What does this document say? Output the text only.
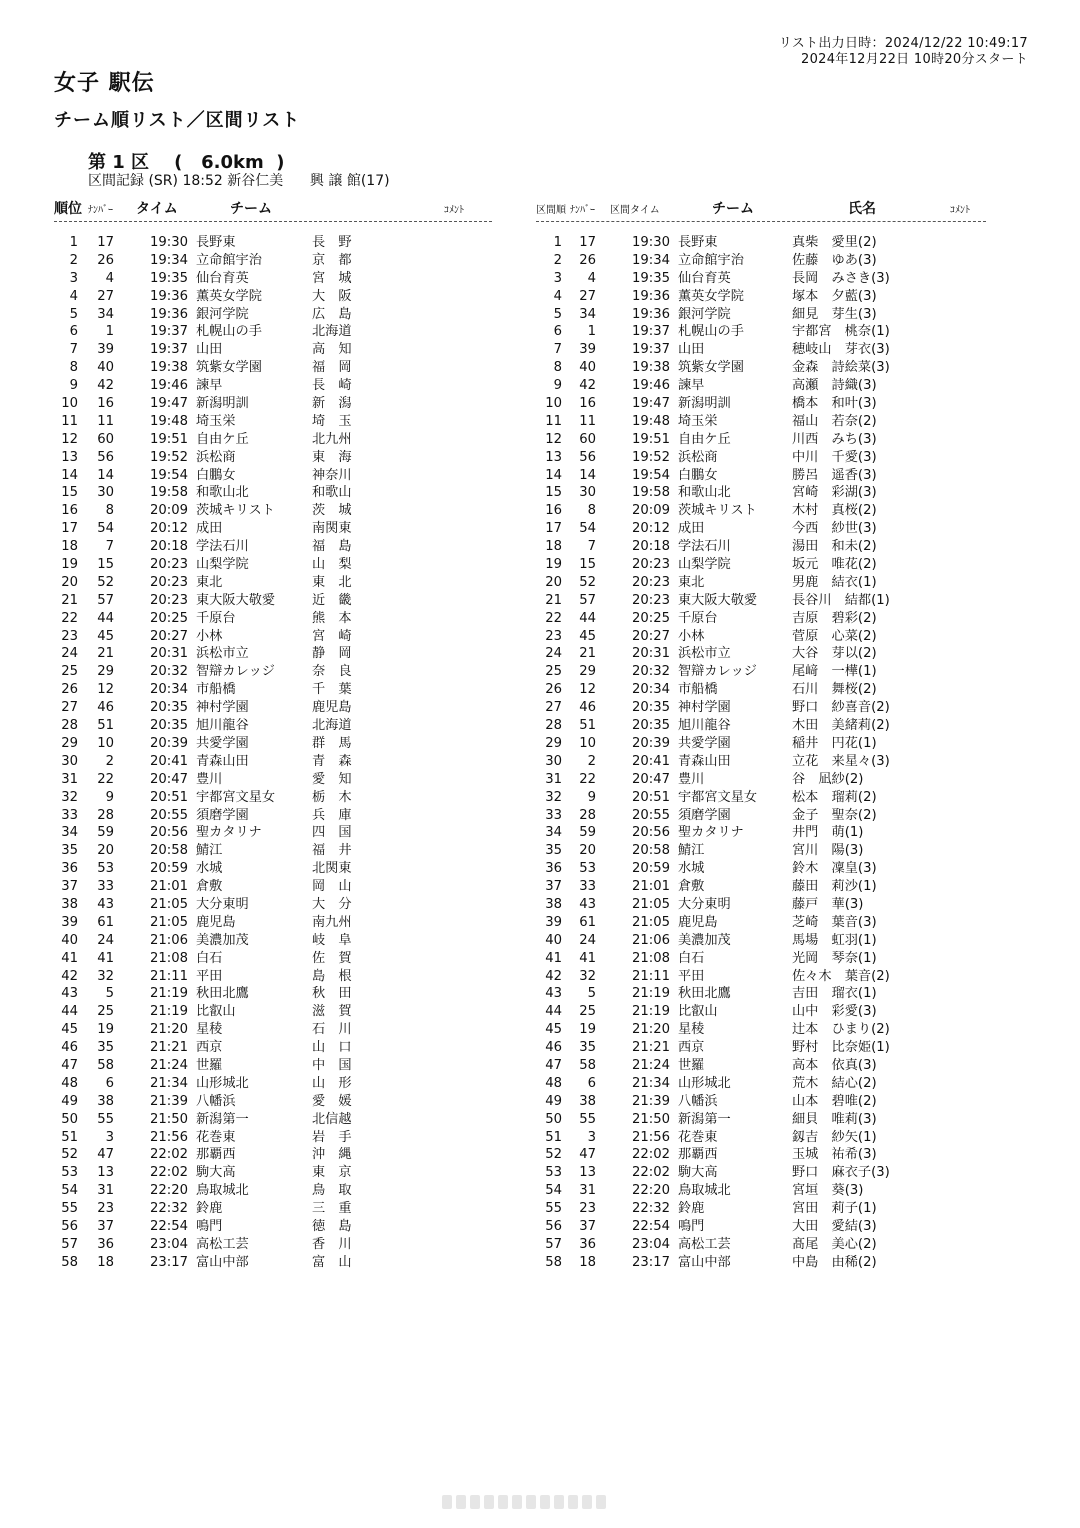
リスト出力日時：2024/12/22 10:49:17
2024年12月22日 10時20分スタート
女子 駅伝
チーム順リスト／区間リスト
第 1 区    (   6.0km  )
区間記録 (SR) 18:52 新谷仁美      興 譲 館(17)
順位 ﾅﾝﾊﾞｰ タイム	チーム	ｺﾒﾝﾄ	区間順 ﾅﾝﾊﾞｰ 区間タイム	チーム	氏名	ｺﾒﾝﾄ
1	17	19:30 長野東	長　野
2	26	19:34 立命館宇治	京　都
3	4	19:35 仙台育英	宮　城
4	27	19:36 薫英女学院	大　阪
5	34	19:36 銀河学院	広　島
6	1	19:37 札幌山の手	北海道
7	39	19:37 山田	高　知
8	40	19:38 筑紫女学園	福　岡
9	42	19:46 諫早	長　崎
10	16	19:47 新潟明訓	新　潟
11	11	19:48 埼玉栄	埼　玉
12	60	19:51 自由ケ丘	北九州
13	56	19:52 浜松商	東　海
14	14	19:54 白鵬女	神奈川
15	30	19:58 和歌山北	和歌山
16	8	20:09 茨城キリスト	茨　城
17	54	20:12 成田	南関東
18	7	20:18 学法石川	福　島
19	15	20:23 山梨学院	山　梨
20	52	20:23 東北	東　北
21	57	20:23 東大阪大敬愛	近　畿
22	44	20:25 千原台	熊　本
23	45	20:27 小林	宮　崎
24	21	20:31 浜松市立	静　岡
25	29	20:32 智辯カレッジ	奈　良
26	12	20:34 市船橋	千　葉
27	46	20:35 神村学園	鹿児島
28	51	20:35 旭川龍谷	北海道
29	10	20:39 共愛学園	群　馬
30	2	20:41 青森山田	青　森
31	22	20:47 豊川	愛　知
32	9	20:51 宇都宮文星女	栃　木
33	28	20:55 須磨学園	兵　庫
34	59	20:56 聖カタリナ	四　国
35	20	20:58 鯖江	福　井
36	53	20:59 水城	北関東
37	33	21:01 倉敷	岡　山
38	43	21:05 大分東明	大　分
39	61	21:05 鹿児島	南九州
40	24	21:06 美濃加茂	岐　阜
41	41	21:08 白石	佐　賀
42	32	21:11 平田	島　根
43	5	21:19 秋田北鷹	秋　田
44	25	21:19 比叡山	滋　賀
45	19	21:20 星稜	石　川
46	35	21:21 西京	山　口
47	58	21:24 世羅	中　国
48	6	21:34 山形城北	山　形
49	38	21:39 八幡浜	愛　媛
50	55	21:50 新潟第一	北信越
51	3	21:56 花巻東	岩　手
52	47	22:02 那覇西	沖　縄
53	13	22:02 駒大高	東　京
54	31	22:20 鳥取城北	鳥　取
55	23	22:32 鈴鹿	三　重
56	37	22:54 鳴門	徳　島
57	36	23:04 高松工芸	香　川
58	18	23:17 富山中部	富　山
1	17	19:30 長野東	真柴　愛里(2)
2	26	19:34 立命館宇治	佐藤　ゆあ(3)
3	4	19:35 仙台育英	長岡　みさき(3)
4	27	19:36 薫英女学院	塚本　夕藍(3)
5	34	19:36 銀河学院	細見　芽生(3)
6	1	19:37 札幌山の手	宇都宮　桃奈(1)
7	39	19:37 山田	穂岐山　芽衣(3)
8	40	19:38 筑紫女学園	金森　詩絵菜(3)
9	42	19:46 諫早	高瀬　詩織(3)
10	16	19:47 新潟明訓	橋本　和叶(3)
11	11	19:48 埼玉栄	福山　若奈(2)
12	60	19:51 自由ケ丘	川西　みち(3)
13	56	19:52 浜松商	中川　千愛(3)
14	14	19:54 白鵬女	勝呂　遥香(3)
15	30	19:58 和歌山北	宮崎　彩湖(3)
16	8	20:09 茨城キリスト	木村　真桜(2)
17	54	20:12 成田	今西　紗世(3)
18	7	20:18 学法石川	湯田　和未(2)
19	15	20:23 山梨学院	坂元　唯花(2)
20	52	20:23 東北	男鹿　結衣(1)
21	57	20:23 東大阪大敬愛	長谷川　結都(1)
22	44	20:25 千原台	吉原　碧彩(2)
23	45	20:27 小林	菅原　心菜(2)
24	21	20:31 浜松市立	大谷　芽以(2)
25	29	20:32 智辯カレッジ	尾﨑　一樺(1)
26	12	20:34 市船橋	石川　舞桜(2)
27	46	20:35 神村学園	野口　紗喜音(2)
28	51	20:35 旭川龍谷	木田　美緒莉(2)
29	10	20:39 共愛学園	稲井　円花(1)
30	2	20:41 青森山田	立花　来星々(3)
31	22	20:47 豊川	谷　凪紗(2)
32	9	20:51 宇都宮文星女	松本　瑠莉(2)
33	28	20:55 須磨学園	金子　聖奈(2)
34	59	20:56 聖カタリナ	井門　萌(1)
35	20	20:58 鯖江	宮川　陽(3)
36	53	20:59 水城	鈴木　凜皇(3)
37	33	21:01 倉敷	藤田　莉沙(1)
38	43	21:05 大分東明	藤戸　華(3)
39	61	21:05 鹿児島	芝崎　葉音(3)
40	24	21:06 美濃加茂	馬場　虹羽(1)
41	41	21:08 白石	光岡　琴奈(1)
42	32	21:11 平田	佐々木　葉音(2)
43	5	21:19 秋田北鷹	吉田　瑠衣(1)
44	25	21:19 比叡山	山中　彩愛(3)
45	19	21:20 星稜	辻本　ひまり(2)
46	35	21:21 西京	野村　比奈姫(1)
47	58	21:24 世羅	高本　依真(3)
48	6	21:34 山形城北	荒木　結心(2)
49	38	21:39 八幡浜	山本　碧唯(2)
50	55	21:50 新潟第一	細貝　唯莉(3)
51	3	21:56 花巻東	釼吉　紗矢(1)
52	47	22:02 那覇西	玉城　祐希(3)
53	13	22:02 駒大高	野口　麻衣子(3)
54	31	22:20 鳥取城北	宮垣　葵(3)
55	23	22:32 鈴鹿	宮田　莉子(1)
56	37	22:54 鳴門	大田　愛結(3)
57	36	23:04 高松工芸	髙尾　美心(2)
58	18	23:17 富山中部	中島　由稀(2)
